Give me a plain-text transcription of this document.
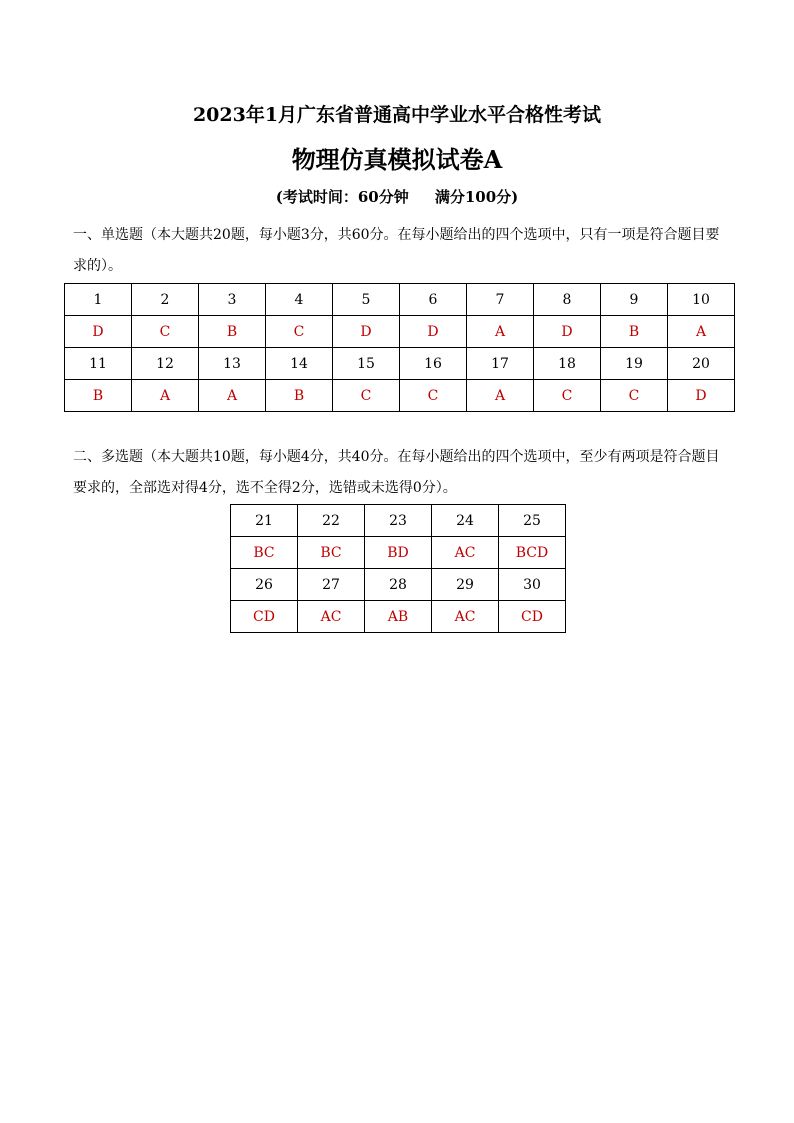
2023年1月广东省普通高中学业水平合格性考试
物理仿真模拟试卷A
(考试时间：60分钟     满分100分)
一、单选题（本大题共20题，每小题3分，共60分。在每小题给出的四个选项中，只有一项是符合题目要求的）。
1	2	3	4	5	6	7	8	9	10
D	C	B	C	D	D	A	D	B	A
11	12	13	14	15	16	17	18	19	20
B	A	A	B	C	C	A	C	C	D
二、多选题（本大题共10题，每小题4分，共40分。在每小题给出的四个选项中，至少有两项是符合题目要求的，全部选对得4分，选不全得2分，选错或未选得0分）。
21	22	23	24	25
BC	BC	BD	AC	BCD
26	27	28	29	30
CD	AC	AB	AC	CD
